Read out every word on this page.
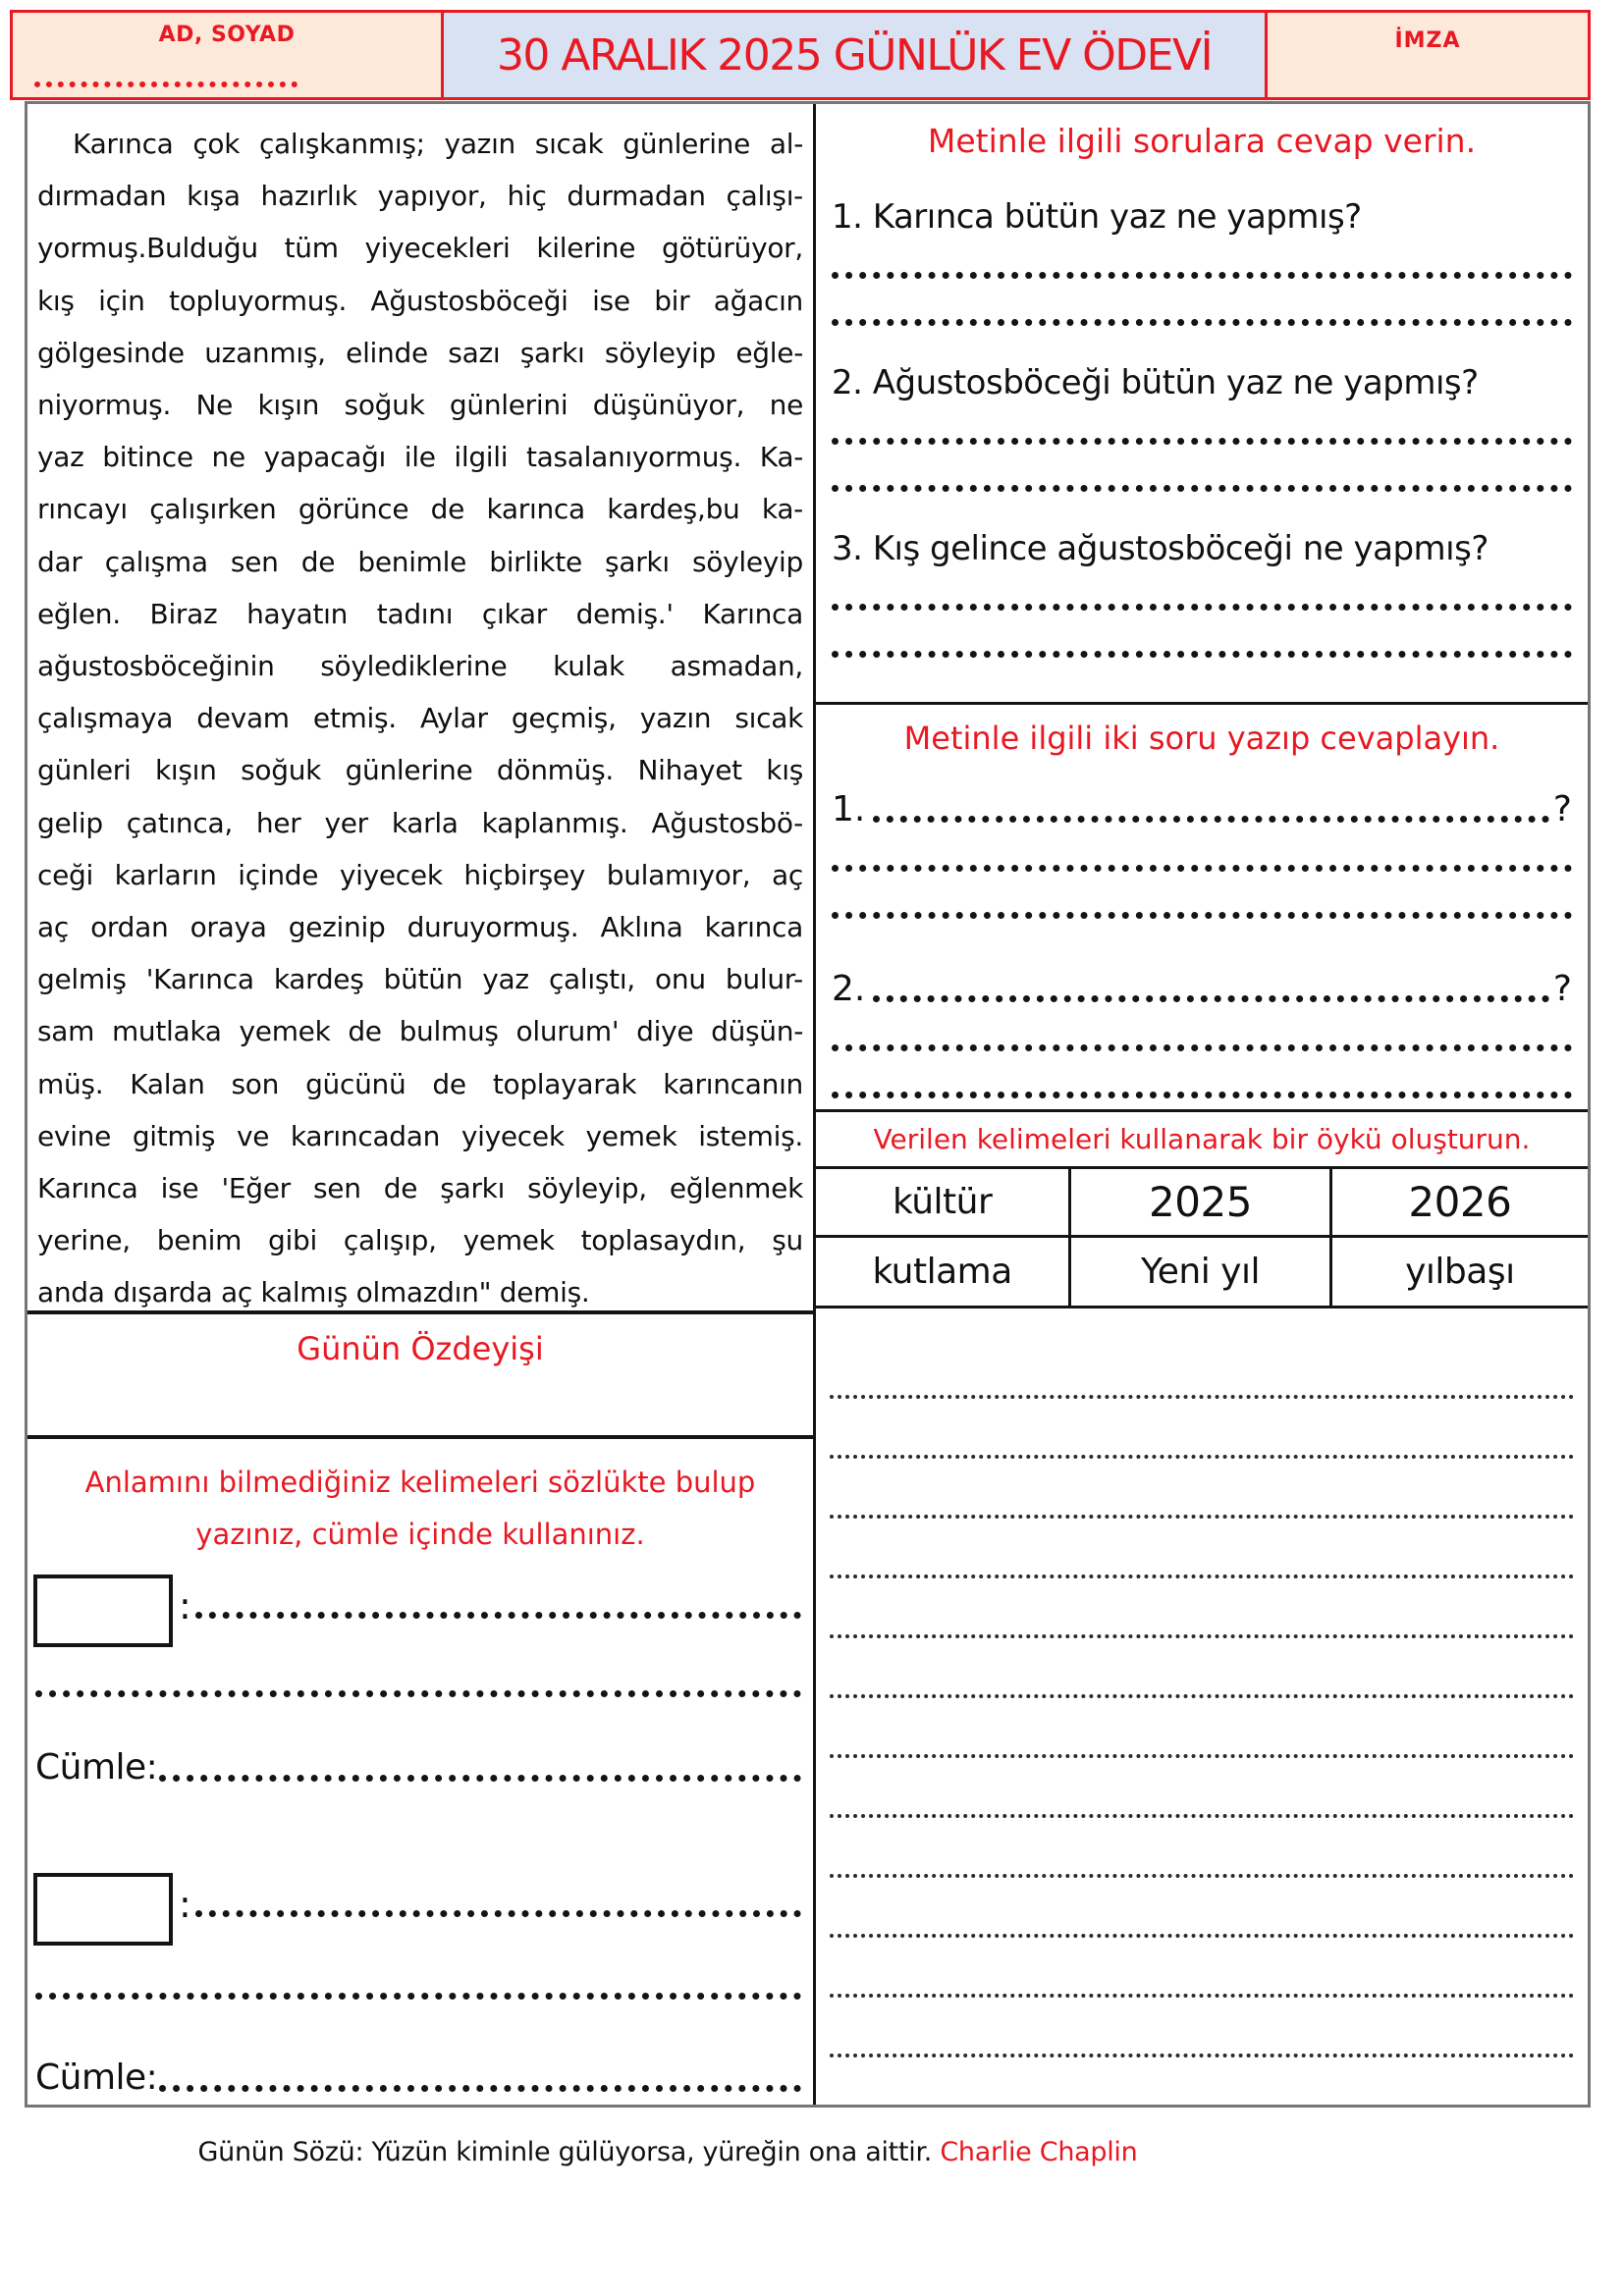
AD, SOYAD	30 ARALIK 2025 GÜNLÜK EV ÖDEVİ	İMZA
Karınca çok çalışkanmış; yazın sıcak günlerine al-
dırmadan kışa hazırlık yapıyor, hiç durmadan çalışı-
yormuş.Bulduğu tüm yiyecekleri kilerine götürüyor,
kış için topluyormuş. Ağustosböceği ise bir ağacın
gölgesinde uzanmış, elinde sazı şarkı söyleyip eğle-
niyormuş. Ne kışın soğuk günlerini düşünüyor, ne
yaz bitince ne yapacağı ile ilgili tasalanıyormuş. Ka-
rıncayı çalışırken görünce de karınca kardeş,bu ka-
dar çalışma sen de benimle birlikte şarkı söyleyip
eğlen. Biraz hayatın tadını çıkar demiş.' Karınca
ağustosböceğinin söylediklerine kulak asmadan,
çalışmaya devam etmiş. Aylar geçmiş, yazın sıcak
günleri kışın soğuk günlerine dönmüş. Nihayet kış
gelip çatınca, her yer karla kaplanmış. Ağustosbö-
ceği karların içinde yiyecek hiçbirşey bulamıyor, aç
aç ordan oraya gezinip duruyormuş. Aklına karınca
gelmiş 'Karınca kardeş bütün yaz çalıştı, onu bulur-
sam mutlaka yemek de bulmuş olurum' diye düşün-
müş. Kalan son gücünü de toplayarak karıncanın
evine gitmiş ve karıncadan yiyecek yemek istemiş.
Karınca ise 'Eğer sen de şarkı söyleyip, eğlenmek
yerine, benim gibi çalışıp, yemek toplasaydın, şu
anda dışarda aç kalmış olmazdın" demiş.
Günün Özdeyişi
Anlamını bilmediğiniz kelimeleri sözlükte bulup
yazınız, cümle içinde kullanınız.
:
Cümle:
:
Cümle:
Metinle ilgili sorulara cevap verin.
1. Karınca bütün yaz ne yapmış?
2. Ağustosböceği bütün yaz ne yapmış?
3. Kış gelince ağustosböceği ne yapmış?
Metinle ilgili iki soru yazıp cevaplayın.
1.	?
2.	?
Verilen kelimeleri kullanarak bir öykü oluşturun.
kültür	2025	2026
kutlama	Yeni yıl	yılbaşı
Günün Sözü: Yüzün kiminle gülüyorsa, yüreğin ona aittir. Charlie Chaplin
